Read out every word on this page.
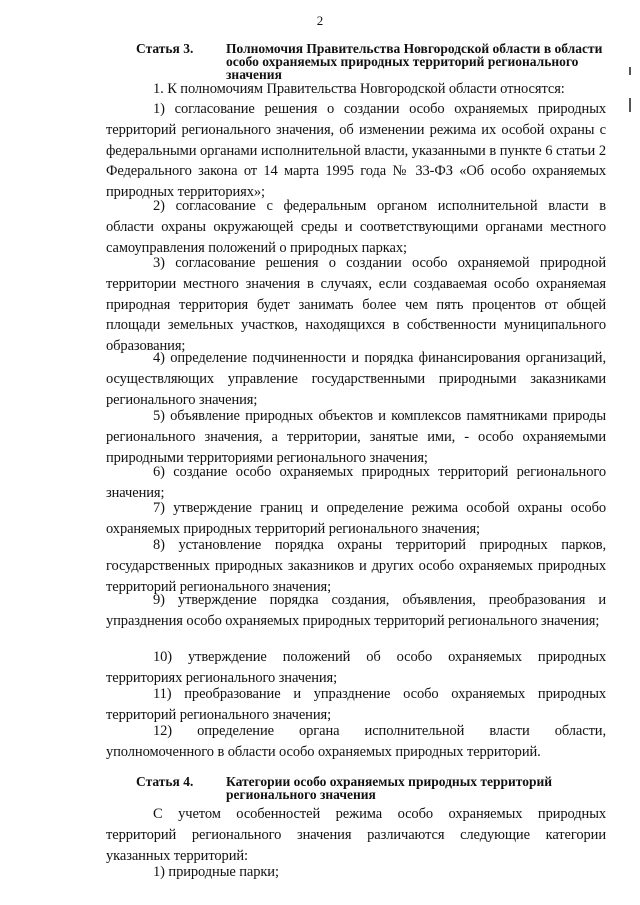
2
Статья 3.	Полномочия Правительства Новгородской области в области особо охраняемых природных территорий регионального значения

1. К полномочиям Правительства Новгородской области относятся:

1) согласование решения о создании особо охраняемых природных территорий регионального значения, об изменении режима их особой охраны с федеральными органами исполнительной власти, указанными в пункте 6 статьи 2 Федерального закона от 14 марта 1995 года № 33-ФЗ «Об особо охраняемых природных территориях»;

2) согласование с федеральным органом исполнительной власти в области охраны окружающей среды и соответствующими органами местного самоуправления положений о природных парках;

3) согласование решения о создании особо охраняемой природной территории местного значения в случаях, если создаваемая особо охраняемая природная территория будет занимать более чем пять процентов от общей площади земельных участков, находящихся в собственности муниципального образования;

4) определение подчиненности и порядка финансирования организаций, осуществляющих управление государственными природными заказниками регионального значения;

5) объявление природных объектов и комплексов памятниками природы регионального значения, а территории, занятые ими, - особо охраняемыми природными территориями регионального значения;

6) создание особо охраняемых природных территорий регионального значения;

7) утверждение границ и определение режима особой охраны особо охраняемых природных территорий регионального значения;

8) установление порядка охраны территорий природных парков, государственных природных заказников и других особо охраняемых природных территорий регионального значения;

9) утверждение порядка создания, объявления, преобразования и упразднения особо охраняемых природных территорий регионального значения;

10) утверждение положений об особо охраняемых природных территориях регионального значения;

11) преобразование и упразднение особо охраняемых природных территорий регионального значения;

12) определение органа исполнительной власти области, уполномоченного в области особо охраняемых природных территорий.

Статья 4.	Категории особо охраняемых природных территорий регионального значения

С учетом особенностей режима особо охраняемых природных территорий регионального значения различаются следующие категории указанных территорий:

1) природные парки;
